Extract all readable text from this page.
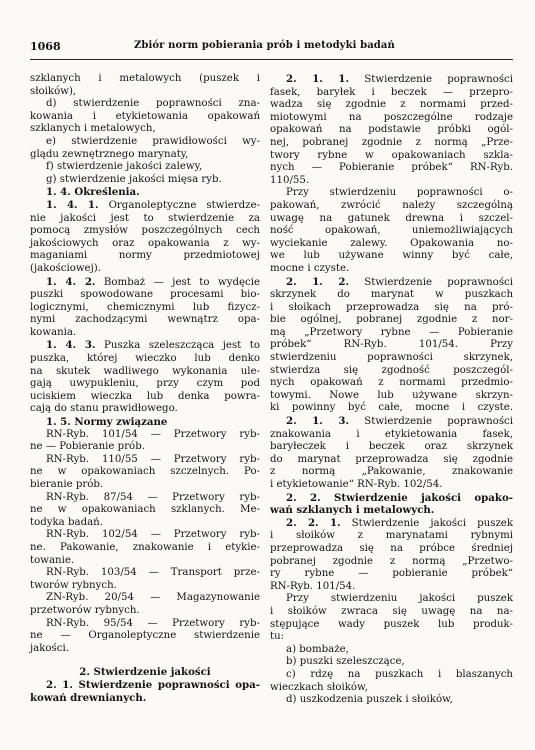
1068	Zbiór norm pobierania prób i metodyki badań
szklanych i metalowych (puszek i
słoików),
d) stwierdzenie poprawności zna-
kowania i etykietowania opakowań
szklanych i metalowych,
e) stwierdzenie prawidłowości wy-
glądu zewnętrznego marynaty,
f) stwierdzenie jakości zalewy,
g) stwierdzenie jakości mięsa ryb.
1. 4. Określenia.
1. 4. 1. Organoleptyczne stwierdze-
nie jakości jest to stwierdzenie za
pomocą zmysłów poszczególnych cech
jakościowych oraz opakowania z wy-
maganiami normy przedmiotowej
(jakościowej).
1. 4. 2. Bombaż — jest to wydęcie
puszki spowodowane procesami bio-
logicznymi, chemicznymi lub fizycz-
nymi zachodzącymi wewnątrz opa-
kowania.
1. 4. 3. Puszka szeleszcząca jest to
puszka, której wieczko lub denko
na skutek wadliwego wykonania ule-
gają uwypukleniu, przy czym pod
uciskiem wieczka lub denka powra-
cają do stanu prawidłowego.
1. 5. Normy związane
RN-Ryb. 101/54 — Przetwory ryb-
ne — Pobieranie prób.
RN-Ryb. 110/55 — Przetwory ryb-
ne w opakowaniach szczelnych. Po-
bieranie prób.
RN-Ryb. 87/54 — Przetwory ryb-
ne w opakowaniach szklanych. Me-
todyka badań.
RN-Ryb. 102/54 — Przetwory ryb-
ne. Pakowanie, znakowanie i etykie-
towanie.
RN-Ryb. 103/54 — Transport prze-
tworów rybnych.
ZN-Ryb. 20/54 — Magazynowanie
przetworów rybnych.
RN-Ryb. 95/54 — Przetwory ryb-
ne — Organoleptyczne stwierdzenie
jakości.
2. Stwierdzenie jakości
2. 1. Stwierdzenie poprawności opa-
kowań drewnianych.
2. 1. 1. Stwierdzenie poprawności
fasek, baryłek i beczek — przepro-
wadza się zgodnie z normami przed-
miotowymi na poszczególne rodzaje
opakowań na podstawie próbki ogól-
nej, pobranej zgodnie z normą „Prze-
twory rybne w opakowaniach szkla-
nych — Pobieranie próbek“ RN-Ryb.
110/55.
Przy stwierdzeniu poprawności o-
pakowań, zwrócić należy szczególną
uwagę na gatunek drewna i szczel-
ność opakowań, uniemożliwiających
wyciekanie zalewy. Opakowania no-
we lub używane winny być całe,
mocne i czyste.
2. 1. 2. Stwierdzenie poprawności
skrzynek do marynat w puszkach
i słoikach przeprowadza się na pró-
bie ogólnej, pobranej zgodnie z nor-
mą „Przetwory rybne — Pobieranie
próbek“ RN-Ryb. 101/54. Przy
stwierdzeniu poprawności skrzynek,
stwierdza się zgodność poszczegól-
nych opakowań z normami przedmio-
towymi. Nowe lub używane skrzyn-
ki powinny być całe, mocne i czyste.
2. 1. 3. Stwierdzenie poprawności
znakowania i etykietowania fasek,
baryłeczek i beczek oraz skrzynek
do marynat przeprowadza się zgodnie
z normą „Pakowanie, znakowanie
i etykietowanie“ RN-Ryb. 102/54.
2. 2. Stwierdzenie jakości opako-
wań szklanych i metalowych.
2. 2. 1. Stwierdzenie jakości puszek
i słoików z marynatami rybnymi
przeprowadza się na próbce średniej
pobranej zgodnie z normą „Przetwo-
ry rybne — pobieranie próbek“
RN-Ryb. 101/54.
Przy stwierdzeniu jakości puszek
i słoików zwraca się uwagę na na-
stępujące wady puszek lub produk-
tu:
a) bombaże,
b) puszki szeleszczące,
c) rdzę na puszkach i blaszanych
wieczkach słoików,
d) uszkodzenia puszek i słoików,
